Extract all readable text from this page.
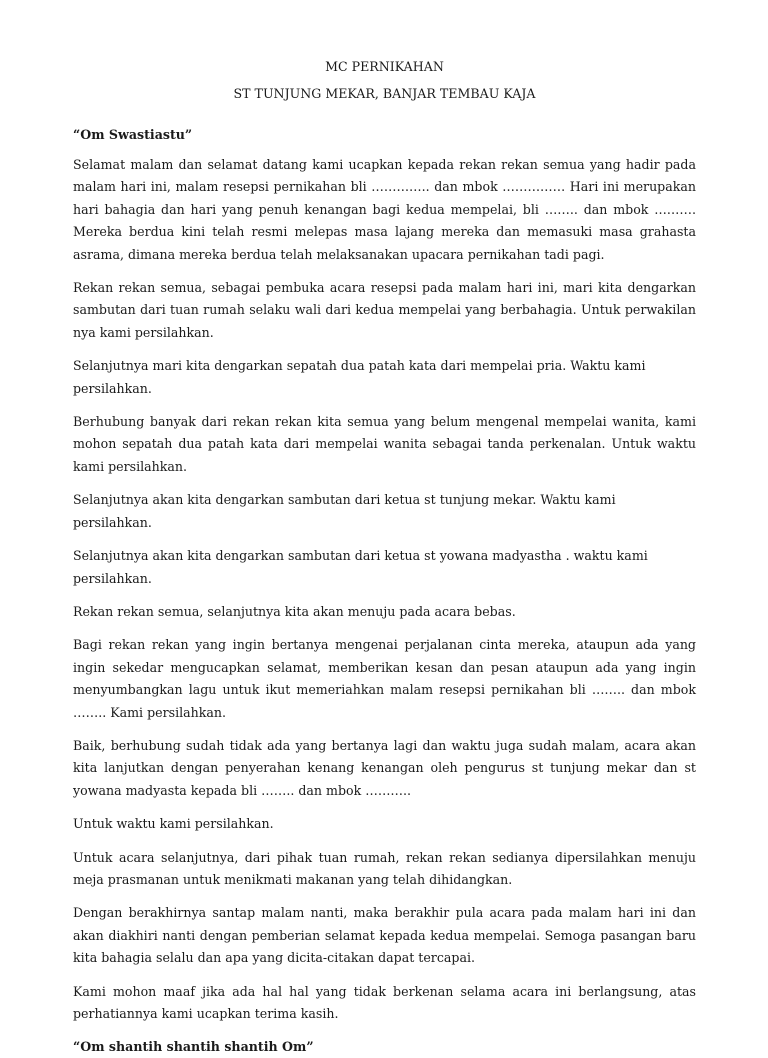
MC PERNIKAHAN

ST TUNJUNG MEKAR, BANJAR TEMBAU KAJA

“Om Swastiastu”

Selamat malam dan selamat datang kami ucapkan kepada rekan rekan semua yang hadir pada malam hari ini, malam resepsi pernikahan bli ………….. dan mbok …………… Hari ini merupakan hari bahagia dan hari yang penuh kenangan bagi kedua mempelai, bli …….. dan mbok ………. Mereka berdua kini telah resmi melepas masa lajang mereka dan memasuki masa grahasta asrama, dimana mereka berdua telah melaksanakan upacara pernikahan tadi pagi.

Rekan rekan semua, sebagai pembuka acara resepsi pada malam hari ini, mari kita dengarkan sambutan dari tuan rumah selaku wali dari kedua mempelai yang berbahagia. Untuk perwakilan nya kami persilahkan.

Selanjutnya mari kita dengarkan sepatah dua patah kata dari mempelai pria. Waktu kami persilahkan.

Berhubung banyak dari rekan rekan kita semua yang belum mengenal mempelai wanita, kami mohon sepatah dua patah kata dari mempelai wanita sebagai tanda perkenalan. Untuk waktu kami persilahkan.

Selanjutnya akan kita dengarkan sambutan dari ketua st tunjung mekar. Waktu kami persilahkan.

Selanjutnya akan kita dengarkan sambutan dari ketua st yowana madyastha . waktu kami persilahkan.

Rekan rekan semua, selanjutnya kita akan menuju pada acara bebas.

Bagi rekan rekan yang ingin bertanya mengenai perjalanan cinta mereka, ataupun ada yang ingin sekedar mengucapkan selamat, memberikan kesan dan pesan ataupun ada yang ingin menyumbangkan lagu untuk ikut memeriahkan malam resepsi pernikahan bli …….. dan mbok …….. Kami persilahkan.

Baik, berhubung sudah tidak ada yang bertanya lagi dan waktu juga sudah malam, acara akan kita lanjutkan dengan penyerahan kenang kenangan oleh pengurus st tunjung mekar dan st yowana madyasta kepada bli …….. dan mbok ………..

Untuk waktu kami persilahkan.

Untuk acara selanjutnya, dari pihak tuan rumah, rekan rekan sedianya dipersilahkan menuju meja prasmanan untuk menikmati makanan yang telah dihidangkan.

Dengan berakhirnya santap malam nanti, maka berakhir pula acara pada malam hari ini dan akan diakhiri nanti dengan pemberian selamat kepada kedua mempelai. Semoga pasangan baru kita bahagia selalu dan apa yang dicita-citakan dapat tercapai.

Kami mohon maaf jika ada hal hal yang tidak berkenan selama acara ini berlangsung, atas perhatiannya kami ucapkan terima kasih.

“Om shantih shantih shantih Om”
